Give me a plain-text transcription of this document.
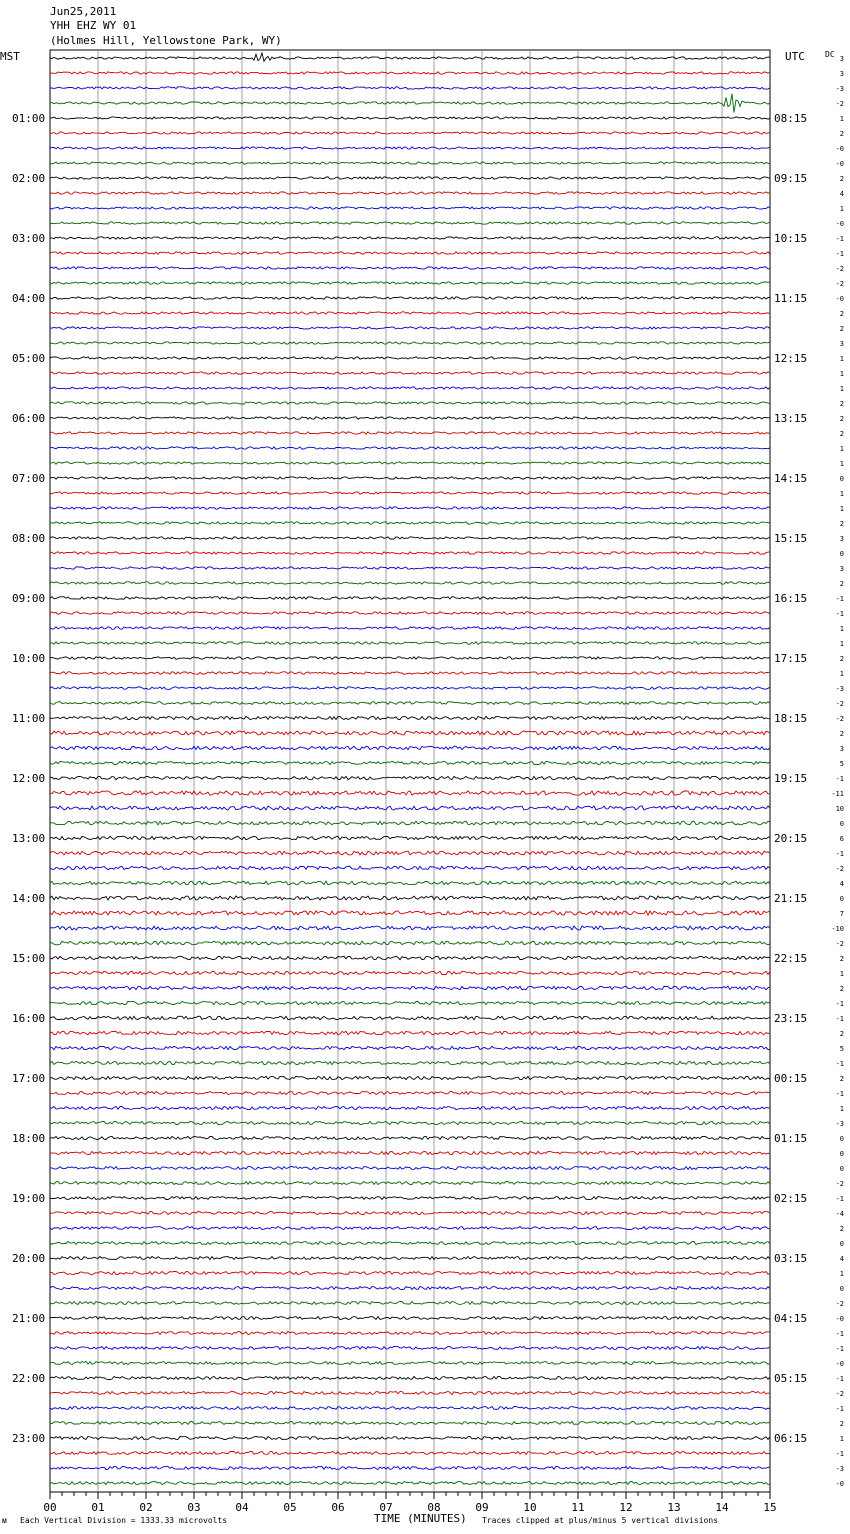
Jun25,2011
YHH EHZ WY 01
(Holmes Hill, Yellowstone Park, WY)
MST	UTC	DC
01:00
02:00
03:00
04:00
05:00
06:00
07:00
08:00
09:00
10:00
11:00
12:00
13:00
14:00
15:00
16:00
17:00
18:00
19:00
20:00
21:00
22:00
23:00
08:15
09:15
10:15
11:15
12:15
13:15
14:15
15:15
16:15
17:15
18:15
19:15
20:15
21:15
22:15
23:15
00:15
01:15
02:15
03:15
04:15
05:15
06:15
3
3
-3
-2
1
2
-0
-0
2
4
1
-0
-1
-1
-2
-2
-0
2
2
3
1
1
1
2
2
2
1
1
0
1
1
2
3
0
3
2
-1
-1
1
1
2
1
-3
-2
-2
2
3
5
-1
-11
10
0
6
-1
-2
4
0
7
-10
-2
2
1
2
-1
-1
2
5
-1
2
-1
1
-3
0
0
0
-2
-1
-4
2
0
4
1
0
-2
-0
-1
-1
-0
-1
-2
-1
2
1
-1
-3
-0
00	01	02	03	04	05	06	07	08	09	10	11	12	13	14	15
ᴍ Each Vertical Division = 1333.33 microvolts	TIME (MINUTES) Traces clipped at plus/minus 5 vertical divisions
